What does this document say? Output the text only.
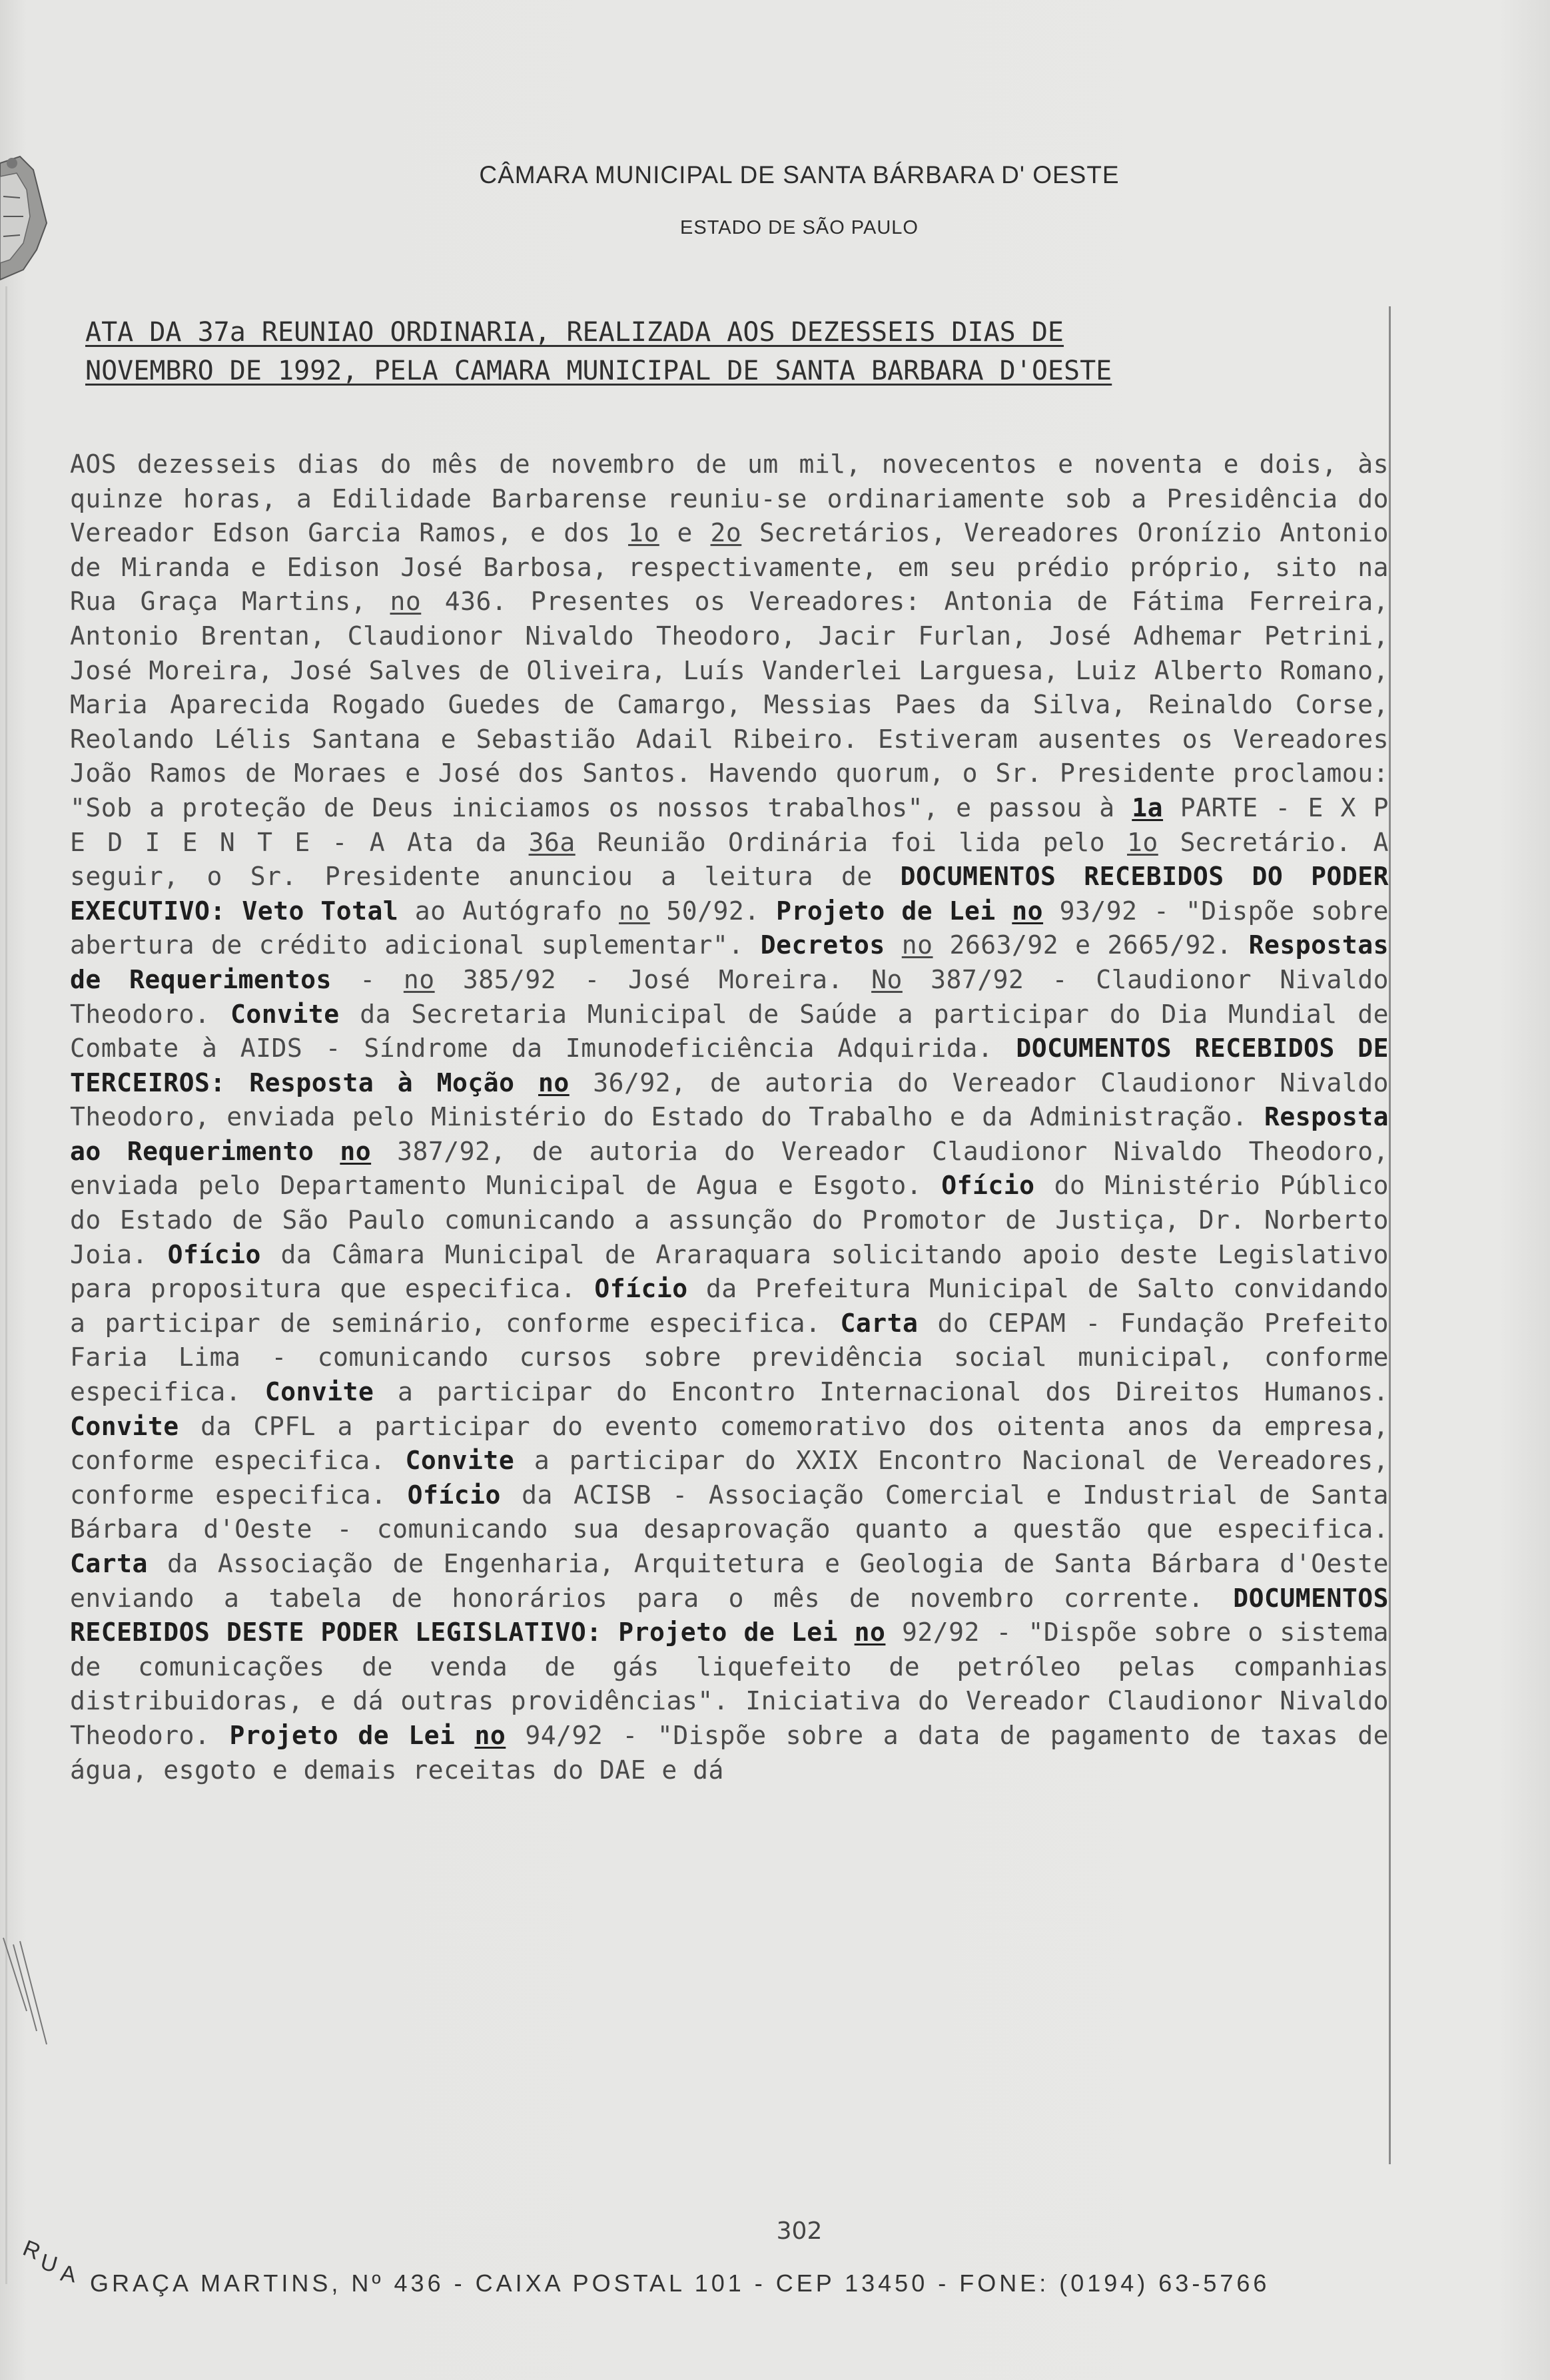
CÂMARA MUNICIPAL DE SANTA BÁRBARA D' OESTE
ESTADO DE SÃO PAULO
ATA DA 37a REUNIAO ORDINARIA, REALIZADA AOS DEZESSEIS DIAS DE
NOVEMBRO DE 1992, PELA CAMARA MUNICIPAL DE SANTA BARBARA D'OESTE
AOS dezesseis dias do mês de novembro de um mil, novecentos e noventa e dois, às quinze horas, a Edilidade Barbarense reuniu-se ordinariamente sob a Presidência do Vereador Edson Garcia Ramos, e dos 1o e 2o Secretários, Vereadores Oronízio Antonio de Miranda e Edison José Barbosa, respectivamente, em seu prédio próprio, sito na Rua Graça Martins, no 436. Presentes os Vereadores: Antonia de Fátima Ferreira, Antonio Brentan, Claudionor Nivaldo Theodoro, Jacir Furlan, José Adhemar Petrini, José Moreira, José Salves de Oliveira, Luís Vanderlei Larguesa, Luiz Alberto Romano, Maria Aparecida Rogado Guedes de Camargo, Messias Paes da Silva, Reinaldo Corse, Reolando Lélis Santana e Sebastião Adail Ribeiro. Estiveram ausentes os Vereadores João Ramos de Moraes e José dos Santos. Havendo quorum, o Sr. Presidente proclamou: "Sob a proteção de Deus iniciamos os nossos trabalhos", e passou à 1a PARTE - E X P E D I E N T E - A Ata da 36a Reunião Ordinária foi lida pelo 1o Secretário. A seguir, o Sr. Presidente anunciou a leitura de DOCUMENTOS RECEBIDOS DO PODER EXECUTIVO: Veto Total ao Autógrafo no 50/92. Projeto de Lei no 93/92 - "Dispõe sobre abertura de crédito adicional suplementar". Decretos no 2663/92 e 2665/92. Respostas de Requerimentos - no 385/92 - José Moreira. No 387/92 - Claudionor Nivaldo Theodoro. Convite da Secretaria Municipal de Saúde a participar do Dia Mundial de Combate à AIDS - Síndrome da Imunodeficiência Adquirida. DOCUMENTOS RECEBIDOS DE TERCEIROS: Resposta à Moção no 36/92, de autoria do Vereador Claudionor Nivaldo Theodoro, enviada pelo Ministério do Estado do Trabalho e da Administração. Resposta ao Requerimento no 387/92, de autoria do Vereador Claudionor Nivaldo Theodoro, enviada pelo Departamento Municipal de Agua e Esgoto. Ofício do Ministério Público do Estado de São Paulo comunicando a assunção do Promotor de Justiça, Dr. Norberto Joia. Ofício da Câmara Municipal de Araraquara solicitando apoio deste Legislativo para propositura que especifica. Ofício da Prefeitura Municipal de Salto convidando a participar de seminário, conforme especifica. Carta do CEPAM - Fundação Prefeito Faria Lima - comunicando cursos sobre previdência social municipal, conforme especifica. Convite a participar do Encontro Internacional dos Direitos Humanos. Convite da CPFL a participar do evento comemorativo dos oitenta anos da empresa, conforme especifica. Convite a participar do XXIX Encontro Nacional de Vereadores, conforme especifica. Ofício da ACISB - Associação Comercial e Industrial de Santa Bárbara d'Oeste - comunicando sua desaprovação quanto a questão que especifica. Carta da Associação de Engenharia, Arquitetura e Geologia de Santa Bárbara d'Oeste enviando a tabela de honorários para o mês de novembro corrente. DOCUMENTOS RECEBIDOS DESTE PODER LEGISLATIVO: Projeto de Lei no 92/92 - "Dispõe sobre o sistema de comunicações de venda de gás liquefeito de petróleo pelas companhias distribuidoras, e dá outras providências". Iniciativa do Vereador Claudionor Nivaldo Theodoro. Projeto de Lei no 94/92 - "Dispõe sobre a data de pagamento de taxas de água, esgoto e demais receitas do DAE e dá
302
R
U
A GRAÇA MARTINS, Nº 436 - CAIXA POSTAL 101 - CEP 13450 - FONE: (0194) 63-5766
